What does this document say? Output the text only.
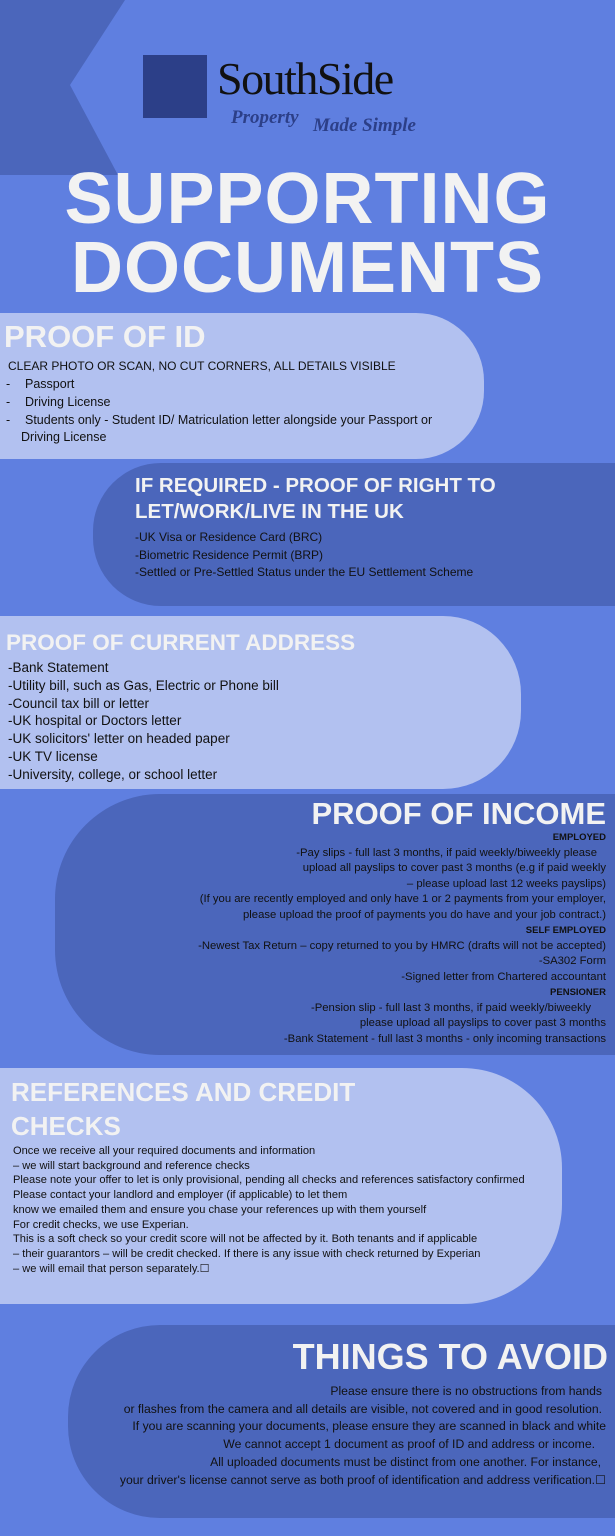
SouthSide
Property Made Simple
SUPPORTING
DOCUMENTS
PROOF OF ID
CLEAR PHOTO OR SCAN, NO CUT CORNERS, ALL DETAILS VISIBLE
- Passport
- Driving License
- Students only - Student ID/ Matriculation letter alongside your Passport or
Driving License
IF REQUIRED - PROOF OF RIGHT TO
LET/WORK/LIVE IN THE UK
-UK Visa or Residence Card (BRC)
-Biometric Residence Permit (BRP)
-Settled or Pre-Settled Status under the EU Settlement Scheme
PROOF OF CURRENT ADDRESS
-Bank Statement
-Utility bill, such as Gas, Electric or Phone bill
-Council tax bill or letter
-UK hospital or Doctors letter
-UK solicitors' letter on headed paper
-UK TV license
-University, college, or school letter
PROOF OF INCOME
EMPLOYED
-Pay slips - full last 3 months, if paid weekly/biweekly please
upload all payslips to cover past 3 months (e.g if paid weekly
– please upload last 12 weeks payslips)
(If you are recently employed and only have 1 or 2 payments from your employer,
please upload the proof of payments you do have and your job contract.)
SELF EMPLOYED
-Newest Tax Return – copy returned to you by HMRC (drafts will not be accepted)
-SA302 Form
-Signed letter from Chartered accountant
PENSIONER
-Pension slip - full last 3 months, if paid weekly/biweekly
please upload all payslips to cover past 3 months
-Bank Statement - full last 3 months - only incoming transactions
REFERENCES AND CREDIT
CHECKS
Once we receive all your required documents and information
– we will start background and reference checks
Please note your offer to let is only provisional, pending all checks and references satisfactory confirmed
Please contact your landlord and employer (if applicable) to let them
know we emailed them and ensure you chase your references up with them yourself
For credit checks, we use Experian.
This is a soft check so your credit score will not be affected by it. Both tenants and if applicable
– their guarantors – will be credit checked. If there is any issue with check returned by Experian
– we will email that person separately.☐
THINGS TO AVOID
Please ensure there is no obstructions from hands
or flashes from the camera and all details are visible, not covered and in good resolution.
If you are scanning your documents, please ensure they are scanned in black and white
We cannot accept 1 document as proof of ID and address or income.
All uploaded documents must be distinct from one another. For instance,
your driver's license cannot serve as both proof of identification and address verification.☐
